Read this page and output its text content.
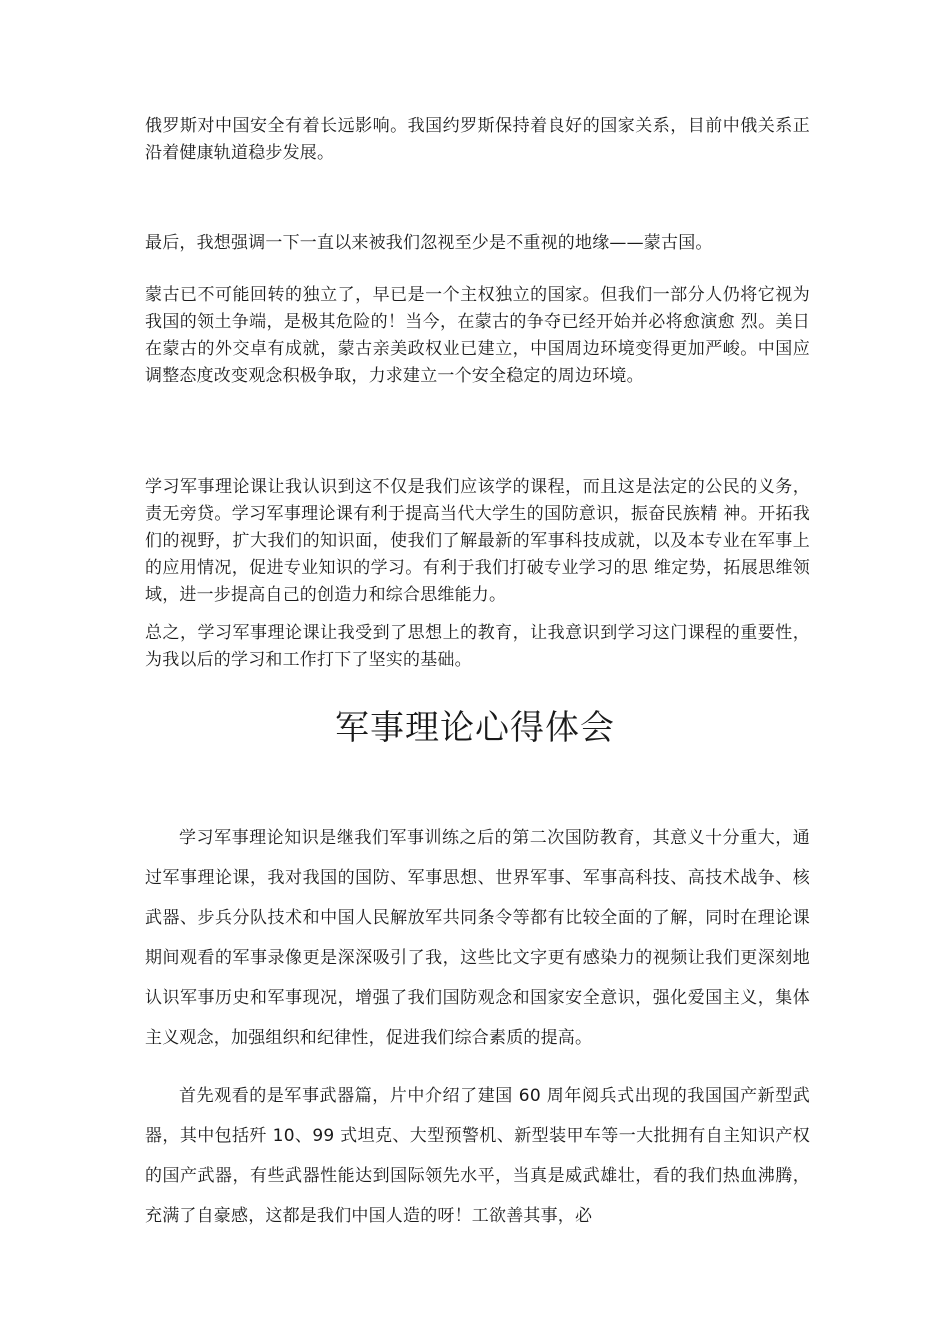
俄罗斯对中国安全有着长远影响。我国约罗斯保持着良好的国家关系，目前中俄关系正沿着健康轨道稳步发展。

最后，我想强调一下一直以来被我们忽视至少是不重视的地缘——蒙古国。

蒙古已不可能回转的独立了，早已是一个主权独立的国家。但我们一部分人仍将它视为我国的领土争端，是极其危险的！当今，在蒙古的争夺已经开始并必将愈演愈 烈。美日在蒙古的外交卓有成就，蒙古亲美政权业已建立，中国周边环境变得更加严峻。中国应调整态度改变观念积极争取，力求建立一个安全稳定的周边环境。

学习军事理论课让我认识到这不仅是我们应该学的课程，而且这是法定的公民的义务，责无旁贷。学习军事理论课有利于提高当代大学生的国防意识，振奋民族精 神。开拓我们的视野，扩大我们的知识面，使我们了解最新的军事科技成就，以及本专业在军事上的应用情况，促进专业知识的学习。有利于我们打破专业学习的思 维定势，拓展思维领域，进一步提高自己的创造力和综合思维能力。

总之，学习军事理论课让我受到了思想上的教育，让我意识到学习这门课程的重要性，为我以后的学习和工作打下了坚实的基础。

军事理论心得体会

学习军事理论知识是继我们军事训练之后的第二次国防教育，其意义十分重大，通过军事理论课，我对我国的国防、军事思想、世界军事、军事高科技、高技术战争、核武器、步兵分队技术和中国人民解放军共同条令等都有比较全面的了解，同时在理论课期间观看的军事录像更是深深吸引了我，这些比文字更有感染力的视频让我们更深刻地认识军事历史和军事现况，增强了我们国防观念和国家安全意识，强化爱国主义，集体主义观念，加强组织和纪律性，促进我们综合素质的提高。

首先观看的是军事武器篇，片中介绍了建国 60 周年阅兵式出现的我国国产新型武器，其中包括歼 10、99 式坦克、大型预警机、新型装甲车等一大批拥有自主知识产权的国产武器，有些武器性能达到国际领先水平，当真是威武雄壮，看的我们热血沸腾，充满了自豪感，这都是我们中国人造的呀！工欲善其事，必
